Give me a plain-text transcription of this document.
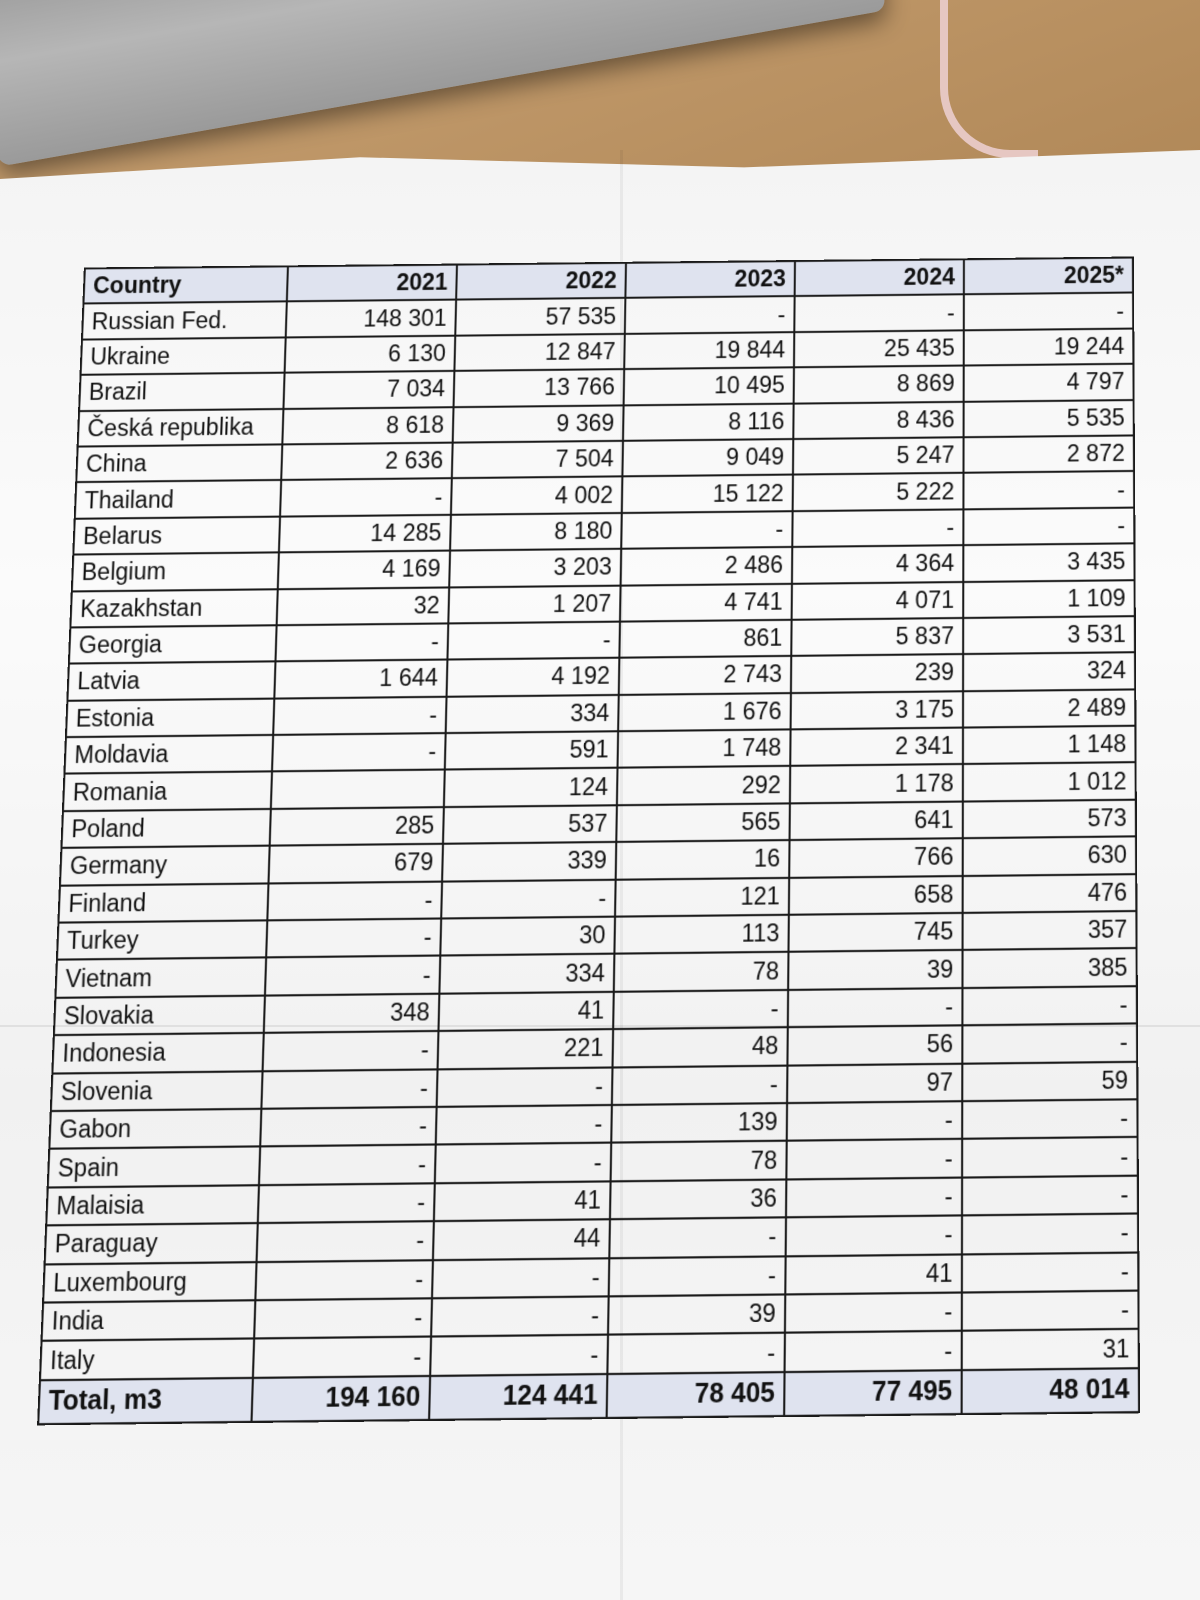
Country	2021	2022	2023	2024	2025*
Russian Fed.	148 301	57 535	-	-	-
Ukraine	6 130	12 847	19 844	25 435	19 244
Brazil	7 034	13 766	10 495	8 869	4 797
Česká republika	8 618	9 369	8 116	8 436	5 535
China	2 636	7 504	9 049	5 247	2 872
Thailand	-	4 002	15 122	5 222	-
Belarus	14 285	8 180	-	-	-
Belgium	4 169	3 203	2 486	4 364	3 435
Kazakhstan	32	1 207	4 741	4 071	1 109
Georgia	-	-	861	5 837	3 531
Latvia	1 644	4 192	2 743	239	324
Estonia	-	334	1 676	3 175	2 489
Moldavia	-	591	1 748	2 341	1 148
Romania		124	292	1 178	1 012
Poland	285	537	565	641	573
Germany	679	339	16	766	630
Finland	-	-	121	658	476
Turkey	-	30	113	745	357
Vietnam	-	334	78	39	385
Slovakia	348	41	-	-	-
Indonesia	-	221	48	56	-
Slovenia	-	-	-	97	59
Gabon	-	-	139	-	-
Spain	-	-	78	-	-
Malaisia	-	41	36	-	-
Paraguay	-	44	-	-	-
Luxembourg	-	-	-	41	-
India	-	-	39	-	-
Italy	-	-	-	-	31
Total, m3	194 160	124 441	78 405	77 495	48 014
